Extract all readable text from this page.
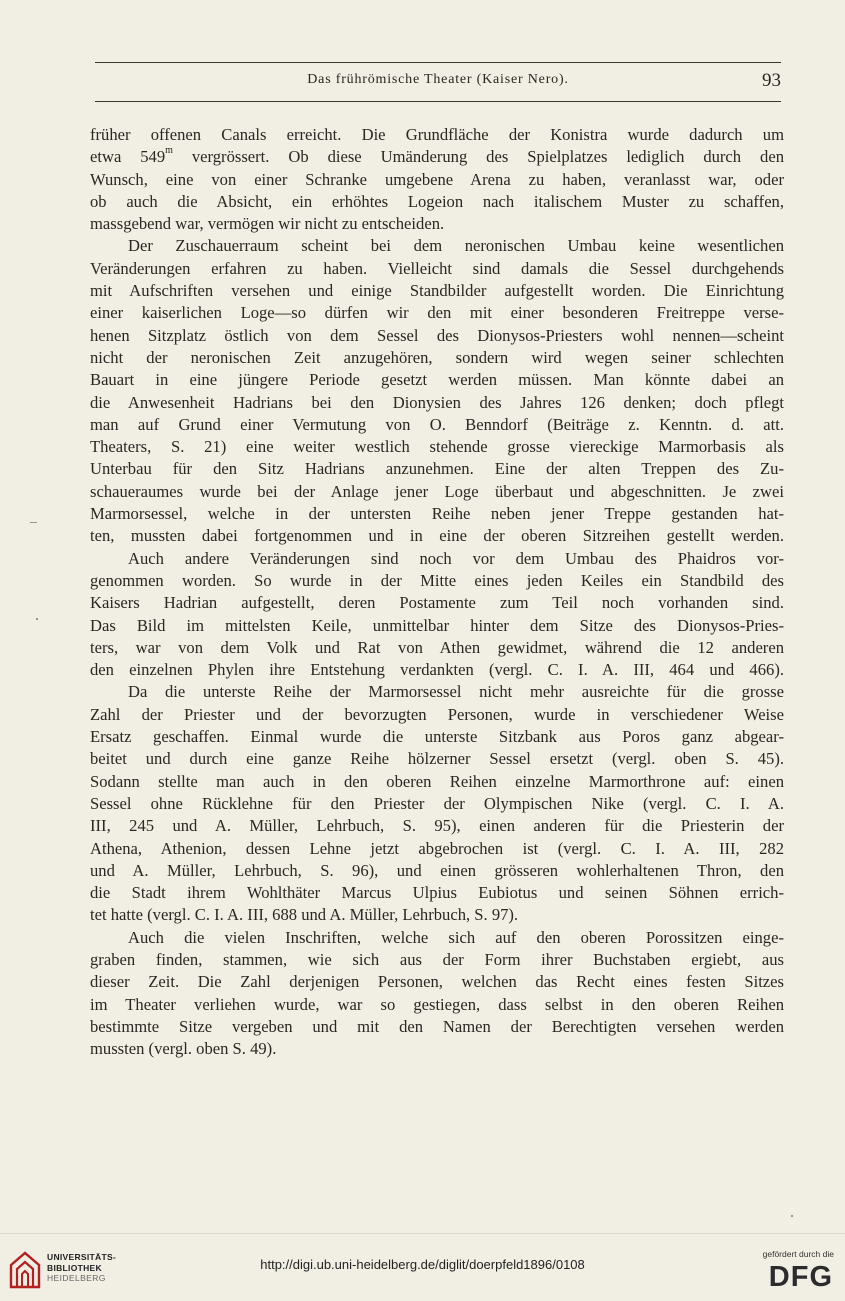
Das frührömische Theater (Kaiser Nero).	93
früher offenen Canals erreicht. Die Grundfläche der Konistra wurde dadurch um
etwa 549$^m$ vergrössert. Ob diese Umänderung des Spielplatzes lediglich durch den
Wunsch, eine von einer Schranke umgebene Arena zu haben, veranlasst war, oder
ob auch die Absicht, ein erhöhtes Logeion nach italischem Muster zu schaffen,
massgebend war, vermögen wir nicht zu entscheiden.
Der Zuschauerraum scheint bei dem neronischen Umbau keine wesentlichen
Veränderungen erfahren zu haben. Vielleicht sind damals die Sessel durchgehends
mit Aufschriften versehen und einige Standbilder aufgestellt worden. Die Einrichtung
einer kaiserlichen Loge—so dürfen wir den mit einer besonderen Freitreppe verse-
henen Sitzplatz östlich von dem Sessel des Dionysos-Priesters wohl nennen—scheint
nicht der neronischen Zeit anzugehören, sondern wird wegen seiner schlechten
Bauart in eine jüngere Periode gesetzt werden müssen. Man könnte dabei an
die Anwesenheit Hadrians bei den Dionysien des Jahres 126 denken; doch pflegt
man auf Grund einer Vermutung von O. Benndorf (Beiträge z. Kenntn. d. att.
Theaters, S. 21) eine weiter westlich stehende grosse viereckige Marmorbasis als
Unterbau für den Sitz Hadrians anzunehmen. Eine der alten Treppen des Zu-
schaueraumes wurde bei der Anlage jener Loge überbaut und abgeschnitten. Je zwei
Marmorsessel, welche in der untersten Reihe neben jener Treppe gestanden hat-
ten, mussten dabei fortgenommen und in eine der oberen Sitzreihen gestellt werden.
Auch andere Veränderungen sind noch vor dem Umbau des Phaidros vor-
genommen worden. So wurde in der Mitte eines jeden Keiles ein Standbild des
Kaisers Hadrian aufgestellt, deren Postamente zum Teil noch vorhanden sind.
Das Bild im mittelsten Keile, unmittelbar hinter dem Sitze des Dionysos-Pries-
ters, war von dem Volk und Rat von Athen gewidmet, während die 12 anderen
den einzelnen Phylen ihre Entstehung verdankten (vergl. C. I. A. III, 464 und 466).
Da die unterste Reihe der Marmorsessel nicht mehr ausreichte für die grosse
Zahl der Priester und der bevorzugten Personen, wurde in verschiedener Weise
Ersatz geschaffen. Einmal wurde die unterste Sitzbank aus Poros ganz abgear-
beitet und durch eine ganze Reihe hölzerner Sessel ersetzt (vergl. oben S. 45).
Sodann stellte man auch in den oberen Reihen einzelne Marmorthrone auf: einen
Sessel ohne Rücklehne für den Priester der Olympischen Nike (vergl. C. I. A.
III, 245 und A. Müller, Lehrbuch, S. 95), einen anderen für die Priesterin der
Athena, Athenion, dessen Lehne jetzt abgebrochen ist (vergl. C. I. A. III, 282
und A. Müller, Lehrbuch, S. 96), und einen grösseren wohlerhaltenen Thron, den
die Stadt ihrem Wohlthäter Marcus Ulpius Eubiotus und seinen Söhnen errich-
tet hatte (vergl. C. I. A. III, 688 und A. Müller, Lehrbuch, S. 97).
Auch die vielen Inschriften, welche sich auf den oberen Porossitzen einge-
graben finden, stammen, wie sich aus der Form ihrer Buchstaben ergiebt, aus
dieser Zeit. Die Zahl derjenigen Personen, welchen das Recht eines festen Sitzes
im Theater verliehen wurde, war so gestiegen, dass selbst in den oberen Reihen
bestimmte Sitze vergeben und mit den Namen der Berechtigten versehen werden
mussten (vergl. oben S. 49).
UNIVERSITÄTS-
BIBLIOTHEK
HEIDELBERG
http://digi.ub.uni-heidelberg.de/diglit/doerpfeld1896/0108
gefördert durch die
DFG
